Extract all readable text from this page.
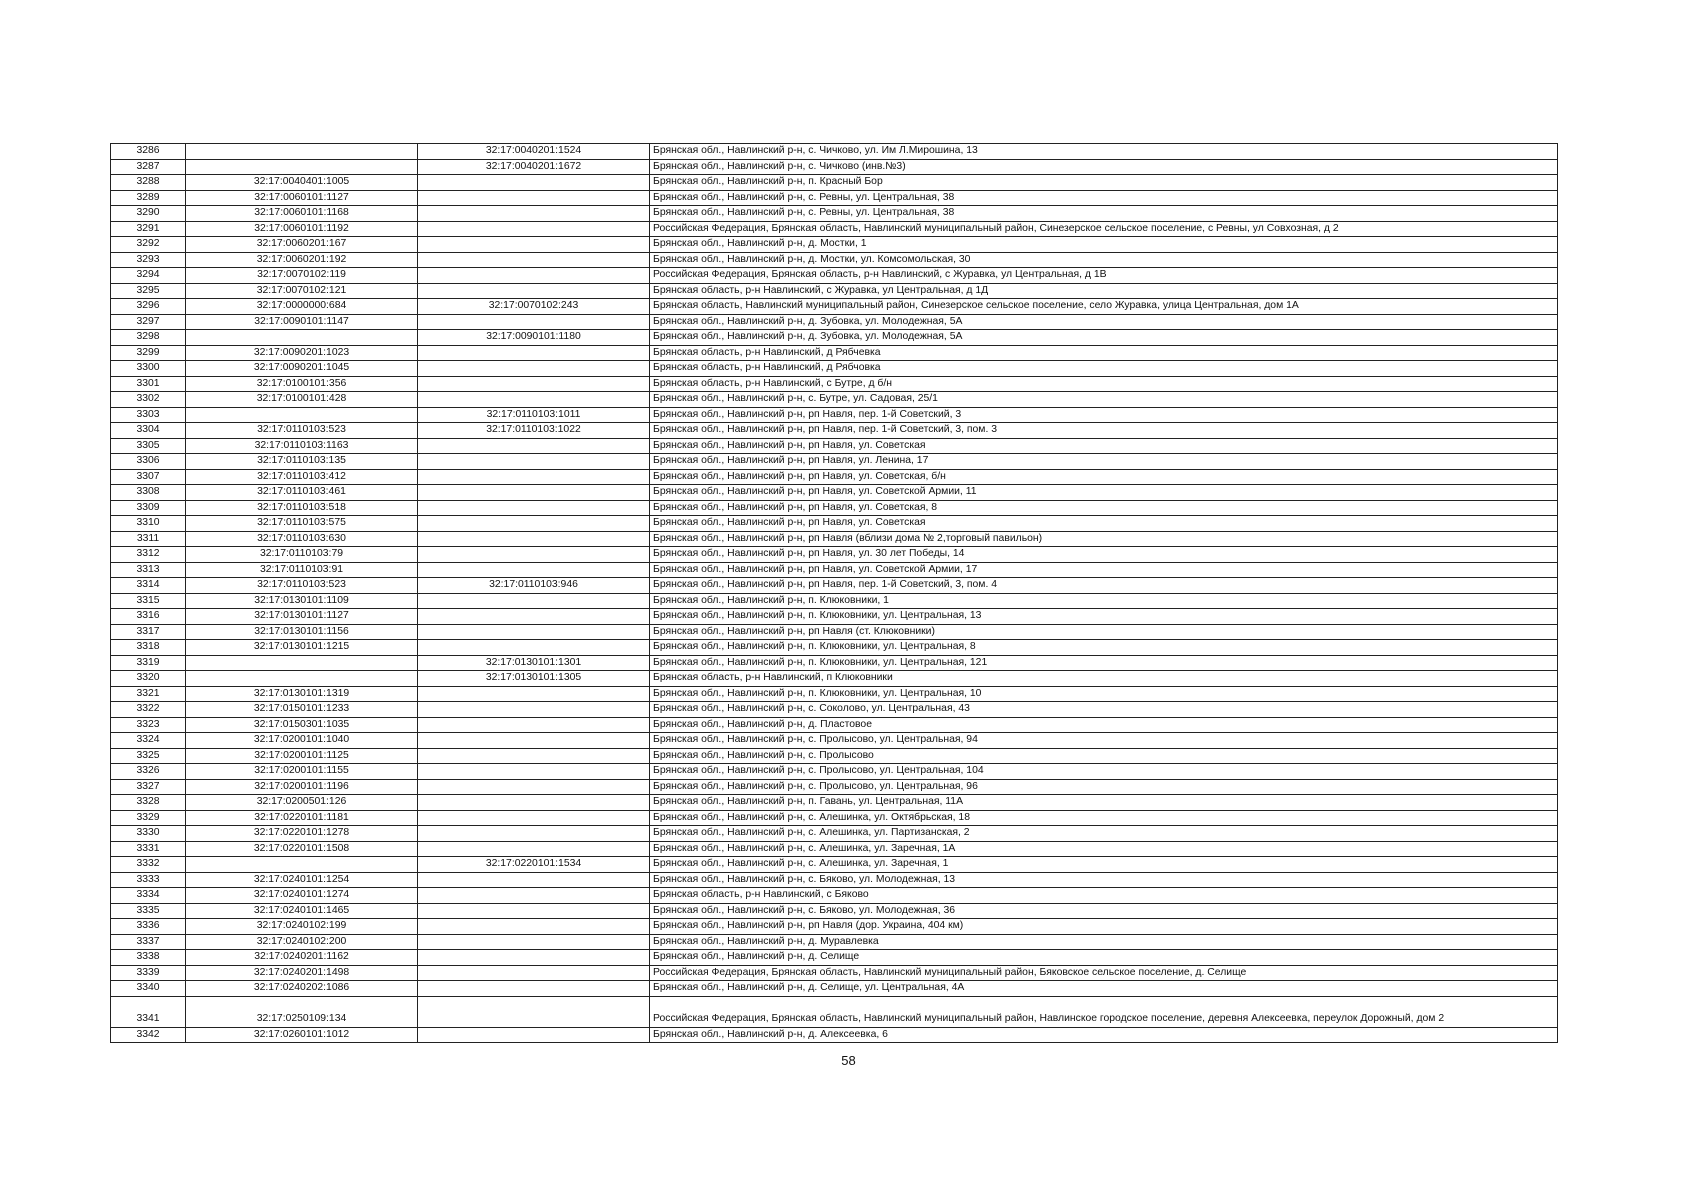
3286		32:17:0040201:1524	Брянская обл., Навлинский р-н, с. Чичково, ул. Им Л.Мирошина, 13
3287		32:17:0040201:1672	Брянская обл., Навлинский р-н, с. Чичково (инв.№3)
3288	32:17:0040401:1005		Брянская обл., Навлинский р-н, п. Красный Бор
3289	32:17:0060101:1127		Брянская обл., Навлинский р-н, с. Ревны, ул. Центральная, 38
3290	32:17:0060101:1168		Брянская обл., Навлинский р-н, с. Ревны, ул. Центральная, 38
3291	32:17:0060101:1192		Российская Федерация, Брянская область, Навлинский муниципальный район, Синезерское сельское поселение, с Ревны, ул Совхозная, д 2
3292	32:17:0060201:167		Брянская обл., Навлинский р-н, д. Мостки, 1
3293	32:17:0060201:192		Брянская обл., Навлинский р-н, д. Мостки, ул. Комсомольская, 30
3294	32:17:0070102:119		Российская Федерация, Брянская область, р-н Навлинский, с Журавка, ул Центральная, д 1В
3295	32:17:0070102:121		Брянская область, р-н Навлинский, с Журавка, ул Центральная, д 1Д
3296	32:17:0000000:684	32:17:0070102:243	Брянская область, Навлинский муниципальный район, Синезерское сельское поселение, село Журавка, улица Центральная, дом 1А
3297	32:17:0090101:1147		Брянская обл., Навлинский р-н, д. Зубовка, ул. Молодежная, 5А
3298		32:17:0090101:1180	Брянская обл., Навлинский р-н, д. Зубовка, ул. Молодежная, 5А
3299	32:17:0090201:1023		Брянская область, р-н Навлинский, д Рябчевка
3300	32:17:0090201:1045		Брянская область, р-н Навлинский, д Рябчовка
3301	32:17:0100101:356		Брянская область, р-н Навлинский, с Бутре, д б/н
3302	32:17:0100101:428		Брянская обл., Навлинский р-н, с. Бутре, ул. Садовая, 25/1
3303		32:17:0110103:1011	Брянская обл., Навлинский р-н, рп Навля, пер. 1-й Советский, 3
3304	32:17:0110103:523	32:17:0110103:1022	Брянская обл., Навлинский р-н, рп Навля, пер. 1-й Советский, 3, пом. 3
3305	32:17:0110103:1163		Брянская обл., Навлинский р-н, рп Навля, ул. Советская
3306	32:17:0110103:135		Брянская обл., Навлинский р-н, рп Навля, ул. Ленина, 17
3307	32:17:0110103:412		Брянская обл., Навлинский р-н, рп Навля, ул. Советская, б/н
3308	32:17:0110103:461		Брянская обл., Навлинский р-н, рп Навля, ул. Советской Армии, 11
3309	32:17:0110103:518		Брянская обл., Навлинский р-н, рп Навля, ул. Советская, 8
3310	32:17:0110103:575		Брянская обл., Навлинский р-н, рп Навля, ул. Советская
3311	32:17:0110103:630		Брянская обл., Навлинский р-н, рп Навля (вблизи дома № 2,торговый павильон)
3312	32:17:0110103:79		Брянская обл., Навлинский р-н, рп Навля, ул. 30 лет Победы, 14
3313	32:17:0110103:91		Брянская обл., Навлинский р-н, рп Навля, ул. Советской Армии, 17
3314	32:17:0110103:523	32:17:0110103:946	Брянская обл., Навлинский р-н, рп Навля, пер. 1-й Советский, 3, пом. 4
3315	32:17:0130101:1109		Брянская обл., Навлинский р-н, п. Клюковники, 1
3316	32:17:0130101:1127		Брянская обл., Навлинский р-н, п. Клюковники, ул. Центральная, 13
3317	32:17:0130101:1156		Брянская обл., Навлинский р-н, рп Навля (ст. Клюковники)
3318	32:17:0130101:1215		Брянская обл., Навлинский р-н, п. Клюковники, ул. Центральная, 8
3319		32:17:0130101:1301	Брянская обл., Навлинский р-н, п. Клюковники, ул. Центральная, 121
3320		32:17:0130101:1305	Брянская область, р-н Навлинский, п Клюковники
3321	32:17:0130101:1319		Брянская обл., Навлинский р-н, п. Клюковники, ул. Центральная, 10
3322	32:17:0150101:1233		Брянская обл., Навлинский р-н, с. Соколово, ул. Центральная, 43
3323	32:17:0150301:1035		Брянская обл., Навлинский р-н, д. Пластовое
3324	32:17:0200101:1040		Брянская обл., Навлинский р-н, с. Пролысово, ул. Центральная, 94
3325	32:17:0200101:1125		Брянская обл., Навлинский р-н, с. Пролысово
3326	32:17:0200101:1155		Брянская обл., Навлинский р-н, с. Пролысово, ул. Центральная, 104
3327	32:17:0200101:1196		Брянская обл., Навлинский р-н, с. Пролысово, ул. Центральная, 96
3328	32:17:0200501:126		Брянская обл., Навлинский р-н, п. Гавань, ул. Центральная, 11А
3329	32:17:0220101:1181		Брянская обл., Навлинский р-н, с. Алешинка, ул. Октябрьская, 18
3330	32:17:0220101:1278		Брянская обл., Навлинский р-н, с. Алешинка, ул. Партизанская, 2
3331	32:17:0220101:1508		Брянская обл., Навлинский р-н, с. Алешинка, ул. Заречная, 1А
3332		32:17:0220101:1534	Брянская обл., Навлинский р-н, с. Алешинка, ул. Заречная, 1
3333	32:17:0240101:1254		Брянская обл., Навлинский р-н, с. Бяково, ул. Молодежная, 13
3334	32:17:0240101:1274		Брянская область, р-н Навлинский, с Бяково
3335	32:17:0240101:1465		Брянская обл., Навлинский р-н, с. Бяково, ул. Молодежная, 36
3336	32:17:0240102:199		Брянская обл., Навлинский р-н, рп Навля (дор. Украина, 404 км)
3337	32:17:0240102:200		Брянская обл., Навлинский р-н, д. Муравлевка
3338	32:17:0240201:1162		Брянская обл., Навлинский р-н, д. Селище
3339	32:17:0240201:1498		Российская Федерация, Брянская область, Навлинский муниципальный район, Бяковское сельское поселение, д. Селище
3340	32:17:0240202:1086		Брянская обл., Навлинский р-н, д. Селище, ул. Центральная, 4А
3341	32:17:0250109:134		Российская Федерация, Брянская область, Навлинский муниципальный район, Навлинское городское поселение, деревня Алексеевка, переулок Дорожный, дом 2
3342	32:17:0260101:1012		Брянская обл., Навлинский р-н, д. Алексеевка, 6
58
